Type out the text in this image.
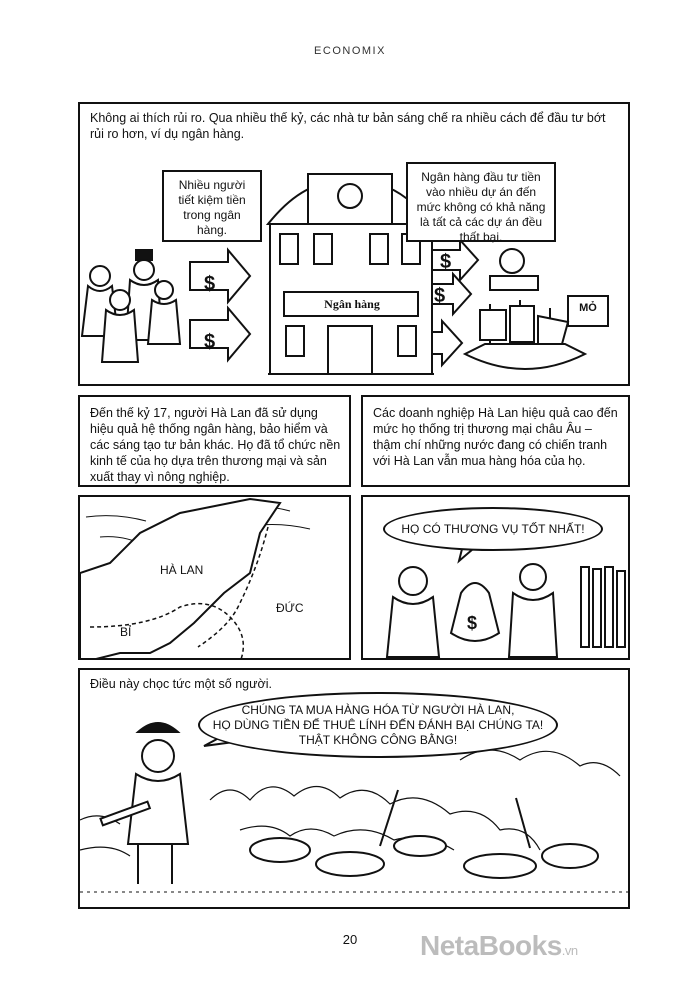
ECONOMIX
$
$
$
$
Không ai thích rủi ro. Qua nhiều thế kỷ, các nhà tư bản sáng chế ra nhiều cách để đầu tư bớt
rủi ro hơn, ví dụ ngân hàng.
Nhiều người tiết kiệm tiền trong ngân hàng.
Ngân hàng đầu tư tiền vào nhiều dự án đến mức không có khả năng là tất cả các dự án đều thất bại.
Ngân hàng	MỎ
Đến thế kỷ 17, người Hà Lan đã sử dụng hiệu quả hệ thống ngân hàng, bảo hiểm và các sáng tạo tư bản khác. Họ đã tổ chức nền kinh tế của họ dựa trên thương mại và sản xuất thay vì nông nghiệp.
Các doanh nghiệp Hà Lan hiệu quả cao đến mức họ thống trị thương mại châu Âu – thậm chí những nước đang có chiến tranh với Hà Lan vẫn mua hàng hóa của họ.
HÀ LAN
ĐỨC
BỈ	$
HỌ CÓ THƯƠNG VỤ TỐT NHẤT!
Điều này chọc tức một số người.
CHÚNG TA MUA HÀNG HÓA TỪ NGƯỜI HÀ LAN,
HỌ DÙNG TIỀN ĐỂ THUÊ LÍNH ĐẾN ĐÁNH BẠI CHÚNG TA!
THẬT KHÔNG CÔNG BẰNG!
20	NetaBooks.vn
